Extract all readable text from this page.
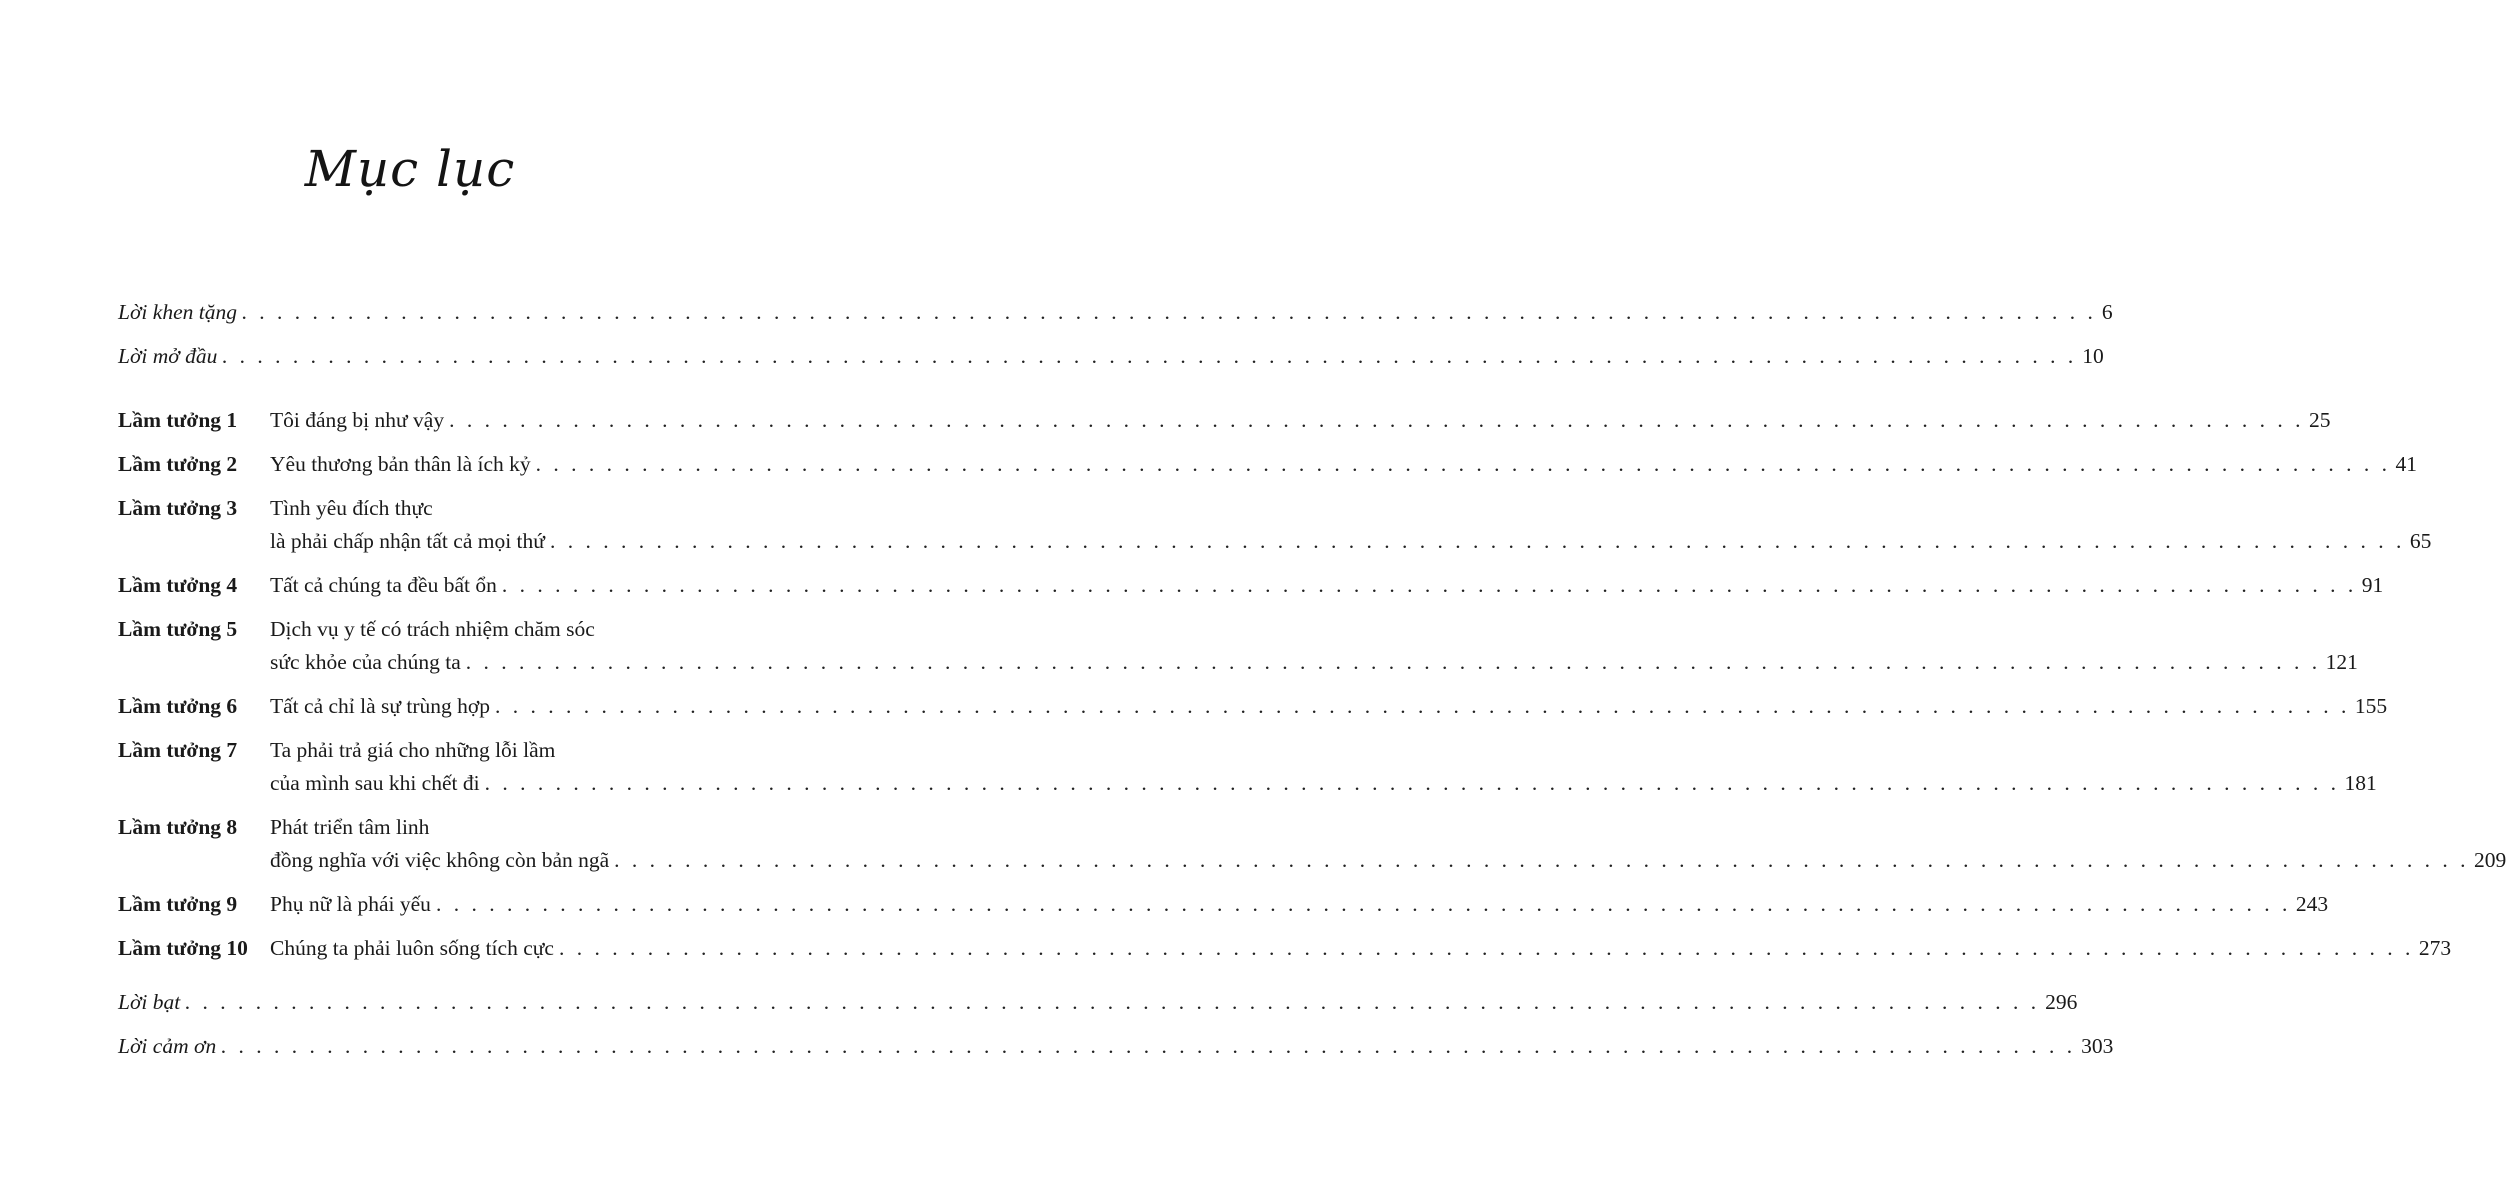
Mục lục
Lời khen tặng . . .	6
Lời mở đầu . . .	10
Lầm tưởng 1	Tôi đáng bị như vậy . . .	25
Lầm tưởng 2	Yêu thương bản thân là ích kỷ . . .	41
Lầm tưởng 3	Tình yêu đích thực
là phải chấp nhận tất cả mọi thứ . . .	65
Lầm tưởng 4	Tất cả chúng ta đều bất ổn . . .	91
Lầm tưởng 5	Dịch vụ y tế có trách nhiệm chăm sóc
sức khỏe của chúng ta . . .	121
Lầm tưởng 6	Tất cả chỉ là sự trùng hợp . . .	155
Lầm tưởng 7	Ta phải trả giá cho những lỗi lầm
của mình sau khi chết đi . . .	181
Lầm tưởng 8	Phát triển tâm linh
đồng nghĩa với việc không còn bản ngã . . .	209
Lầm tưởng 9	Phụ nữ là phái yếu . . .	243
Lầm tưởng 10	Chúng ta phải luôn sống tích cực . . .	273
Lời bạt . . .	296
Lời cảm ơn . . .	303
